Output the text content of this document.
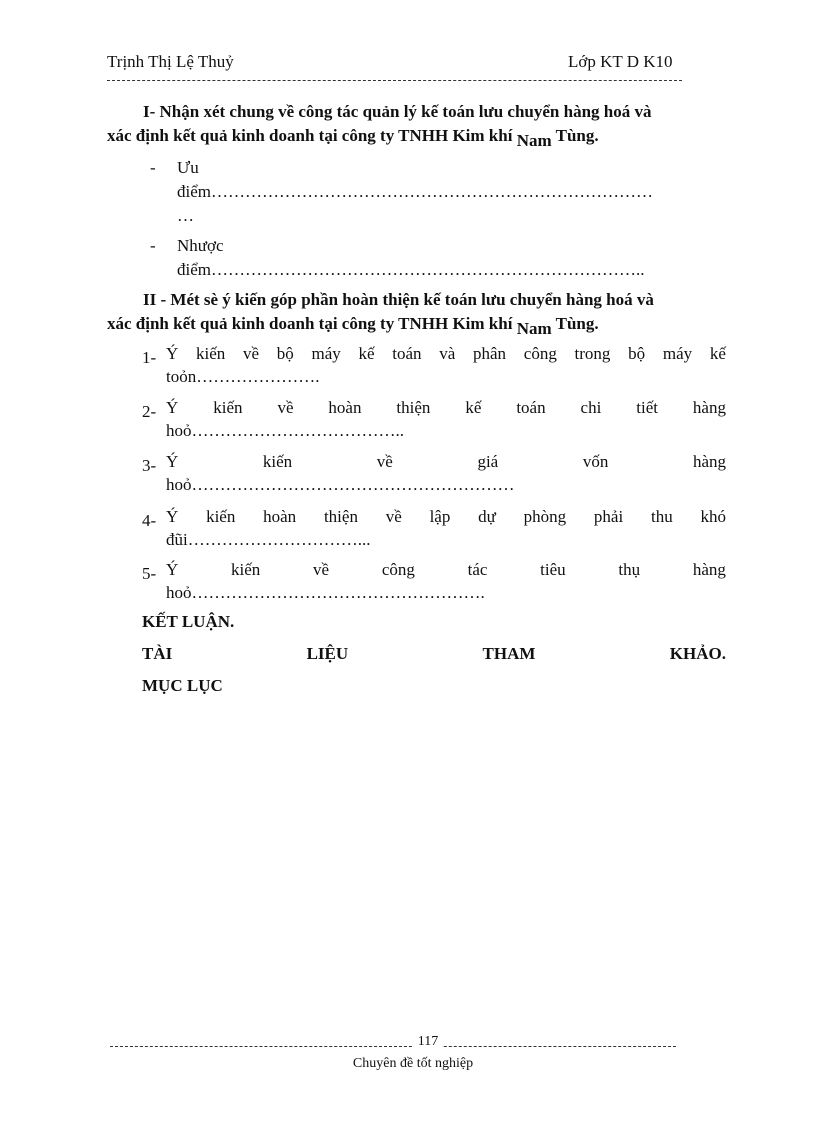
Trịnh Thị Lệ Thuỷ	Lớp KT D K10
I- Nhận xét chung về công tác quản lý kế toán lưu chuyển hàng hoá và
xác định kết quả kinh doanh tại công ty TNHH Kim khí $_{Nam}$ Tùng.
-	Ưu
điểm……………………………………………………………………
…
-	Nhược
điểm…………………………………………………………………..
II - Mét sè ý kiến góp phần hoàn thiện kế toán lưu chuyển hàng hoá và
xác định kết quả kinh doanh tại công ty TNHH Kim khí $_{Nam}$ Tùng.
1- Ý kiến về bộ máy kế toán và phân công trong bộ máy kế
toỏn………………….
2- Ý kiến về hoàn thiện kế toán chi tiết hàng
hoỏ………………………………..
3- Ý	kiến	về	giá	vốn	hàng
hoỏ…………………………………………………
4- Ý kiến hoàn thiện về lập dự phòng phải thu khó
đũi…………………………...
5- Ý	kiến	về	công	tác	tiêu	thụ	hàng
hoỏ…………………………………………….
KẾT LUẬN.
TÀI	LIỆU	THAM	KHẢO.
MỤC LỤC
117
Chuyên đề tốt nghiệp
